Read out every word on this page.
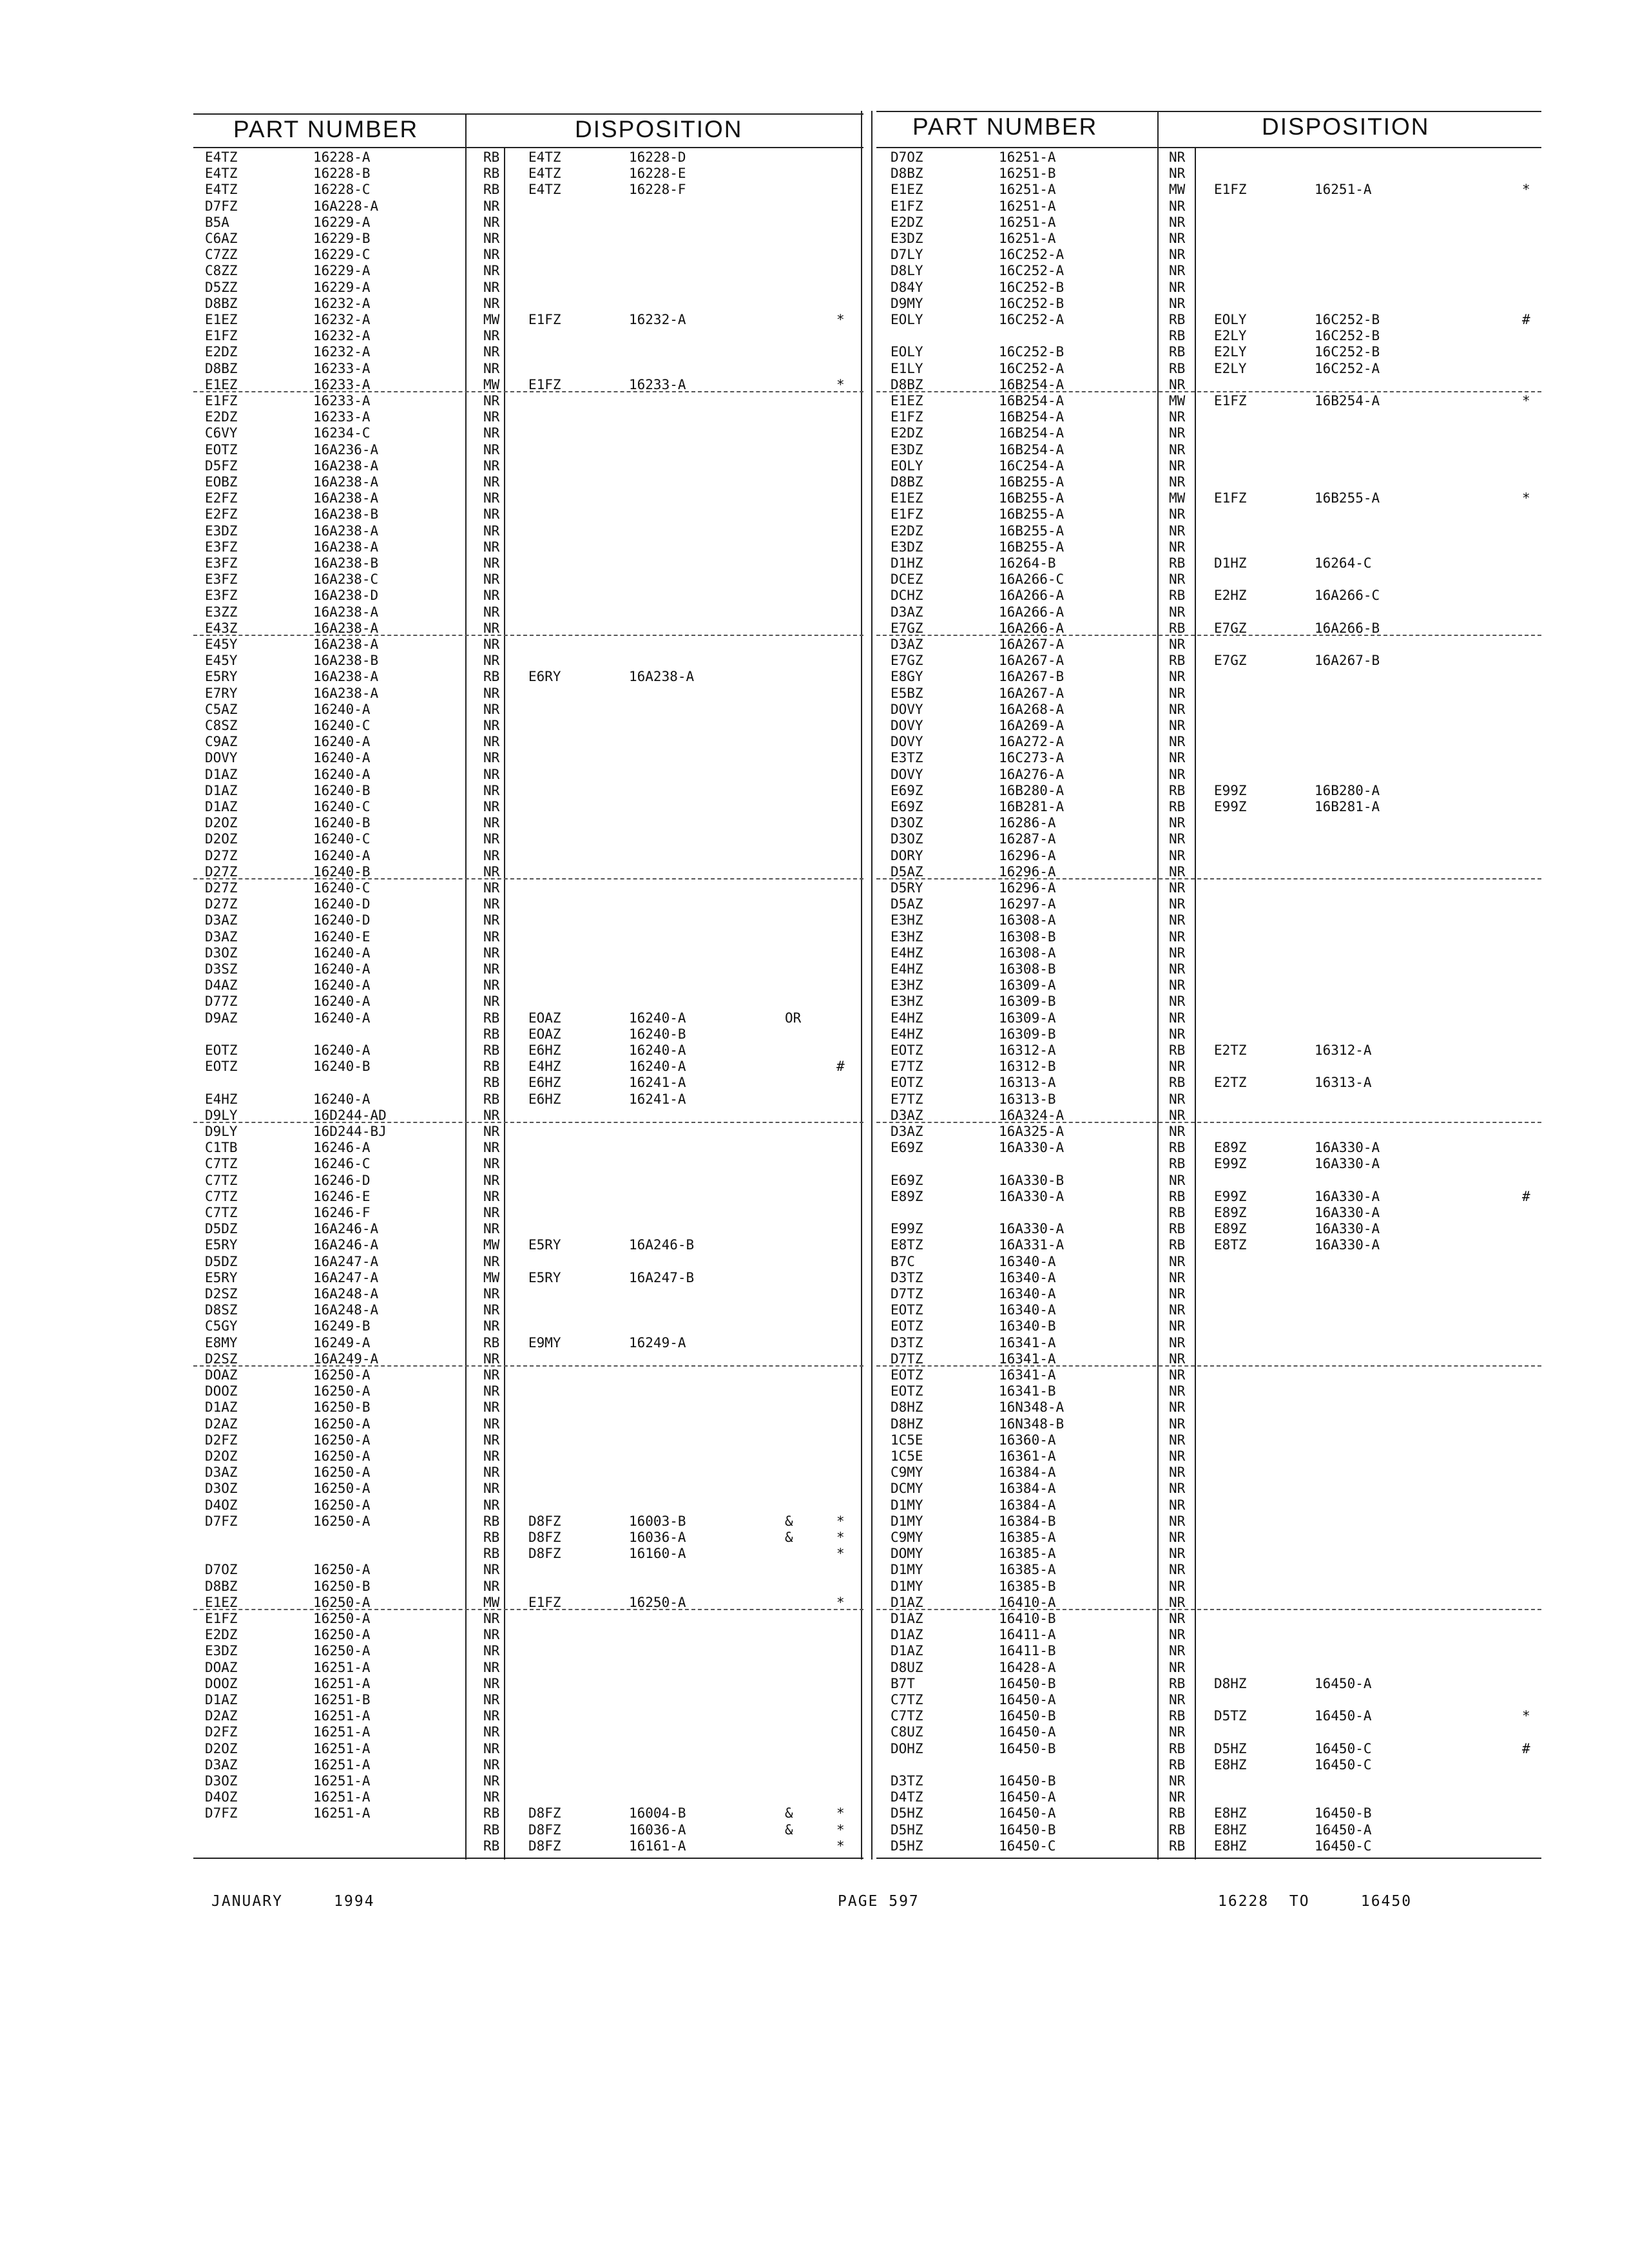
PART NUMBER	DISPOSITION	PART NUMBER	DISPOSITION
E4TZ	16228-A	RB E4TZ	16228-D
E4TZ	16228-B	RB E4TZ	16228-E
E4TZ	16228-C	RB E4TZ	16228-F
D7FZ	16A228-A	NR
B5A	16229-A	NR
C6AZ	16229-B	NR
C7ZZ	16229-C	NR
C8ZZ	16229-A	NR
D5ZZ	16229-A	NR
D8BZ	16232-A	NR
E1EZ	16232-A	MW E1FZ	16232-A	*
E1FZ	16232-A	NR
E2DZ	16232-A	NR
D8BZ	16233-A	NR
E1EZ	16233-A	MW E1FZ	16233-A	*
E1FZ	16233-A	NR
E2DZ	16233-A	NR
C6VY	16234-C	NR
EOTZ	16A236-A	NR
D5FZ	16A238-A	NR
EOBZ	16A238-A	NR
E2FZ	16A238-A	NR
E2FZ	16A238-B	NR
E3DZ	16A238-A	NR
E3FZ	16A238-A	NR
E3FZ	16A238-B	NR
E3FZ	16A238-C	NR
E3FZ	16A238-D	NR
E3ZZ	16A238-A	NR
E43Z	16A238-A	NR
E45Y	16A238-A	NR
E45Y	16A238-B	NR
E5RY	16A238-A	RB E6RY	16A238-A
E7RY	16A238-A	NR
C5AZ	16240-A	NR
C8SZ	16240-C	NR
C9AZ	16240-A	NR
DOVY	16240-A	NR
D1AZ	16240-A	NR
D1AZ	16240-B	NR
D1AZ	16240-C	NR
D2OZ	16240-B	NR
D2OZ	16240-C	NR
D27Z	16240-A	NR
D27Z	16240-B	NR
D27Z	16240-C	NR
D27Z	16240-D	NR
D3AZ	16240-D	NR
D3AZ	16240-E	NR
D3OZ	16240-A	NR
D3SZ	16240-A	NR
D4AZ	16240-A	NR
D77Z	16240-A	NR
D9AZ	16240-A	RB EOAZ	16240-A	OR
RB EOAZ	16240-B
EOTZ	16240-A	RB E6HZ	16240-A
EOTZ	16240-B	RB E4HZ	16240-A	#
RB E6HZ	16241-A
E4HZ	16240-A	RB E6HZ	16241-A
D9LY	16D244-AD	NR
D9LY	16D244-BJ	NR
C1TB	16246-A	NR
C7TZ	16246-C	NR
C7TZ	16246-D	NR
C7TZ	16246-E	NR
C7TZ	16246-F	NR
D5DZ	16A246-A	NR
E5RY	16A246-A	MW E5RY	16A246-B
D5DZ	16A247-A	NR
E5RY	16A247-A	MW E5RY	16A247-B
D2SZ	16A248-A	NR
D8SZ	16A248-A	NR
C5GY	16249-B	NR
E8MY	16249-A	RB E9MY	16249-A
D2SZ	16A249-A	NR
DOAZ	16250-A	NR
DOOZ	16250-A	NR
D1AZ	16250-B	NR
D2AZ	16250-A	NR
D2FZ	16250-A	NR
D2OZ	16250-A	NR
D3AZ	16250-A	NR
D3OZ	16250-A	NR
D4OZ	16250-A	NR
D7FZ	16250-A	RB D8FZ	16003-B	&	*
RB D8FZ	16036-A	&	*
RB D8FZ	16160-A	*
D7OZ	16250-A	NR
D8BZ	16250-B	NR
E1EZ	16250-A	MW E1FZ	16250-A	*
E1FZ	16250-A	NR
E2DZ	16250-A	NR
E3DZ	16250-A	NR
DOAZ	16251-A	NR
DOOZ	16251-A	NR
D1AZ	16251-B	NR
D2AZ	16251-A	NR
D2FZ	16251-A	NR
D2OZ	16251-A	NR
D3AZ	16251-A	NR
D3OZ	16251-A	NR
D4OZ	16251-A	NR
D7FZ	16251-A	RB D8FZ	16004-B	&	*
RB D8FZ	16036-A	&	*
RB D8FZ	16161-A	*
D7OZ	16251-A	NR
D8BZ	16251-B	NR
E1EZ	16251-A	MW E1FZ	16251-A	*
E1FZ	16251-A	NR
E2DZ	16251-A	NR
E3DZ	16251-A	NR
D7LY	16C252-A	NR
D8LY	16C252-A	NR
D84Y	16C252-B	NR
D9MY	16C252-B	NR
EOLY	16C252-A	RB EOLY	16C252-B	#
RB E2LY	16C252-B
EOLY	16C252-B	RB E2LY	16C252-B
E1LY	16C252-A	RB E2LY	16C252-A
D8BZ	16B254-A	NR
E1EZ	16B254-A	MW E1FZ	16B254-A	*
E1FZ	16B254-A	NR
E2DZ	16B254-A	NR
E3DZ	16B254-A	NR
EOLY	16C254-A	NR
D8BZ	16B255-A	NR
E1EZ	16B255-A	MW E1FZ	16B255-A	*
E1FZ	16B255-A	NR
E2DZ	16B255-A	NR
E3DZ	16B255-A	NR
D1HZ	16264-B	RB D1HZ	16264-C
DCEZ	16A266-C	NR
DCHZ	16A266-A	RB E2HZ	16A266-C
D3AZ	16A266-A	NR
E7GZ	16A266-A	RB E7GZ	16A266-B
D3AZ	16A267-A	NR
E7GZ	16A267-A	RB E7GZ	16A267-B
E8GY	16A267-B	NR
E5BZ	16A267-A	NR
DOVY	16A268-A	NR
DOVY	16A269-A	NR
DOVY	16A272-A	NR
E3TZ	16C273-A	NR
DOVY	16A276-A	NR
E69Z	16B280-A	RB E99Z	16B280-A
E69Z	16B281-A	RB E99Z	16B281-A
D3OZ	16286-A	NR
D3OZ	16287-A	NR
DORY	16296-A	NR
D5AZ	16296-A	NR
D5RY	16296-A	NR
D5AZ	16297-A	NR
E3HZ	16308-A	NR
E3HZ	16308-B	NR
E4HZ	16308-A	NR
E4HZ	16308-B	NR
E3HZ	16309-A	NR
E3HZ	16309-B	NR
E4HZ	16309-A	NR
E4HZ	16309-B	NR
EOTZ	16312-A	RB E2TZ	16312-A
E7TZ	16312-B	NR
EOTZ	16313-A	RB E2TZ	16313-A
E7TZ	16313-B	NR
D3AZ	16A324-A	NR
D3AZ	16A325-A	NR
E69Z	16A330-A	RB E89Z	16A330-A
RB E99Z	16A330-A
E69Z	16A330-B	NR
E89Z	16A330-A	RB E99Z	16A330-A	#
RB E89Z	16A330-A
E99Z	16A330-A	RB E89Z	16A330-A
E8TZ	16A331-A	RB E8TZ	16A330-A
B7C	16340-A	NR
D3TZ	16340-A	NR
D7TZ	16340-A	NR
EOTZ	16340-A	NR
EOTZ	16340-B	NR
D3TZ	16341-A	NR
D7TZ	16341-A	NR
EOTZ	16341-A	NR
EOTZ	16341-B	NR
D8HZ	16N348-A	NR
D8HZ	16N348-B	NR
1C5E	16360-A	NR
1C5E	16361-A	NR
C9MY	16384-A	NR
DCMY	16384-A	NR
D1MY	16384-A	NR
D1MY	16384-B	NR
C9MY	16385-A	NR
DOMY	16385-A	NR
D1MY	16385-A	NR
D1MY	16385-B	NR
D1AZ	16410-A	NR
D1AZ	16410-B	NR
D1AZ	16411-A	NR
D1AZ	16411-B	NR
D8UZ	16428-A	NR
B7T	16450-B	RB D8HZ	16450-A
C7TZ	16450-A	NR
C7TZ	16450-B	RB D5TZ	16450-A	*
C8UZ	16450-A	NR
DOHZ	16450-B	RB D5HZ	16450-C	#
RB E8HZ	16450-C
D3TZ	16450-B	NR
D4TZ	16450-A	NR
D5HZ	16450-A	RB E8HZ	16450-B
D5HZ	16450-B	RB E8HZ	16450-A
D5HZ	16450-C	RB E8HZ	16450-C
JANUARY     1994	PAGE 597	16228  TO     16450
